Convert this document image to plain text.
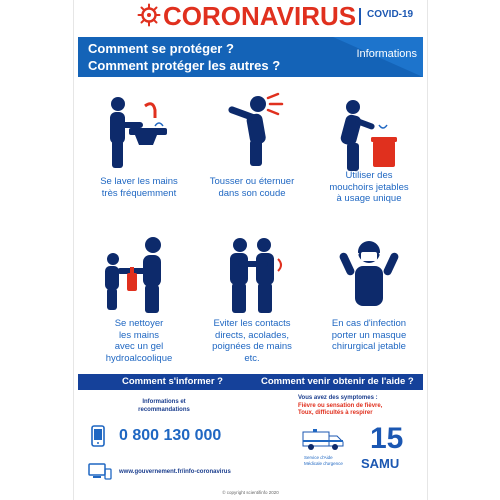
CORONAVIRUS COVID-19
Comment se protéger ?
Comment protéger les autres ?
Informations
Se laver les mains
très fréquemment
Tousser ou éternuer
dans son coude
Utiliser des
mouchoirs jetables
à usage unique
Se nettoyer
les mains
avec un gel
hydroalcoolique
Eviter les contacts
directs, acolades,
poignées de mains
etc.
En cas d'infection
porter un masque
chirurgical jetable
Comment s'informer ?	Comment venir obtenir de l'aide ?
Informations et
recommandations
0 800 130 000
www.gouvernement.fr/info-coronavirus
Vous avez des symptomes :
Fièvre ou sensation de fièvre,
Toux, difficultés à respirer
Service d'Aide
Médicale d'urgence
15
SAMU
© copyright scientifinfo 2020
